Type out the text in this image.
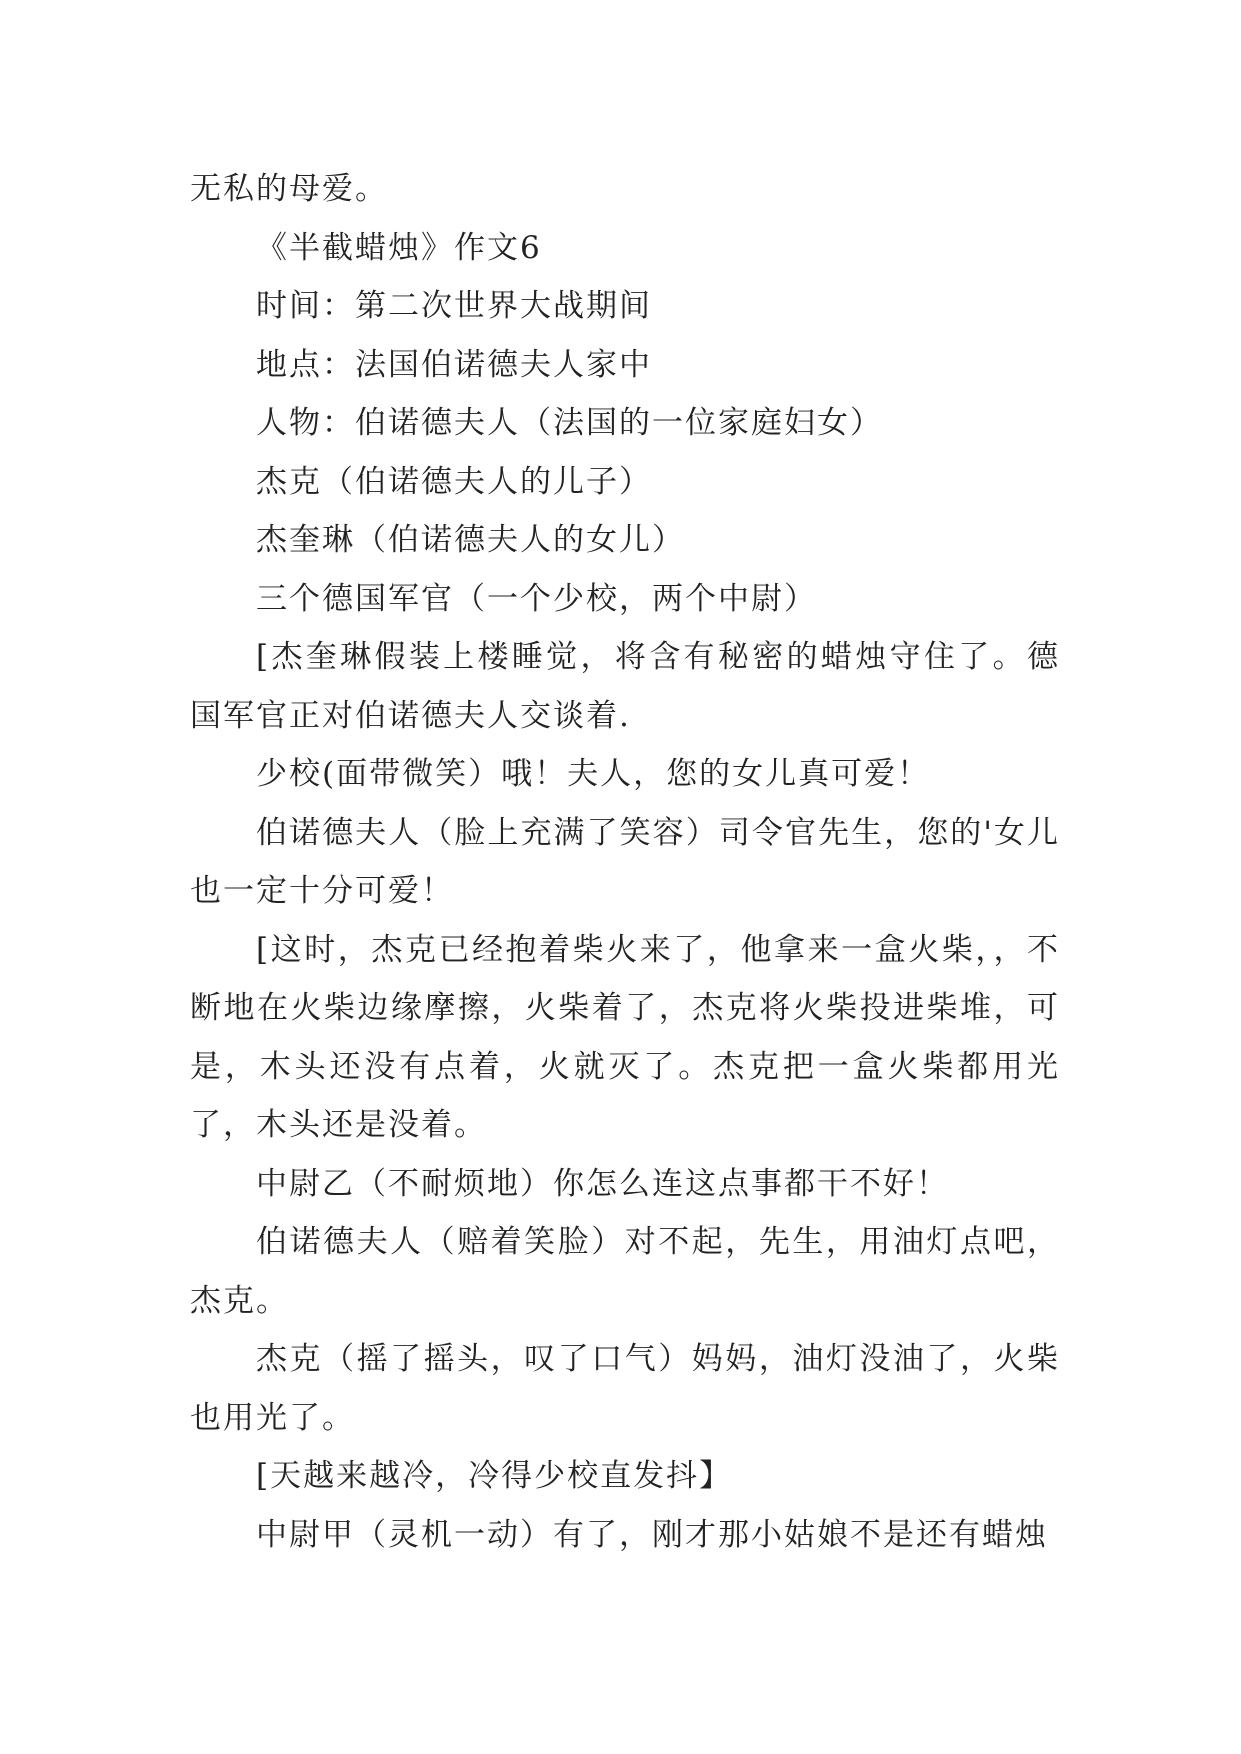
无私的母爱。

《半截蜡烛》作文6

时间：第二次世界大战期间

地点：法国伯诺德夫人家中

人物：伯诺德夫人（法国的一位家庭妇女）

杰克（伯诺德夫人的儿子）

杰奎琳（伯诺德夫人的女儿）

三个德国军官（一个少校，两个中尉）

[杰奎琳假装上楼睡觉，将含有秘密的蜡烛守住了。德国军官正对伯诺德夫人交谈着.

少校(面带微笑）哦！夫人，您的女儿真可爱！

伯诺德夫人（脸上充满了笑容）司令官先生，您的'女儿也一定十分可爱！

[这时，杰克已经抱着柴火来了，他拿来一盒火柴，，不断地在火柴边缘摩擦，火柴着了，杰克将火柴投进柴堆，可是，木头还没有点着，火就灭了。杰克把一盒火柴都用光了，木头还是没着。

中尉乙（不耐烦地）你怎么连这点事都干不好！

伯诺德夫人（赔着笑脸）对不起，先生，用油灯点吧，杰克。

杰克（摇了摇头，叹了口气）妈妈，油灯没油了，火柴也用光了。

[天越来越冷，冷得少校直发抖】

中尉甲（灵机一动）有了，刚才那小姑娘不是还有蜡烛
